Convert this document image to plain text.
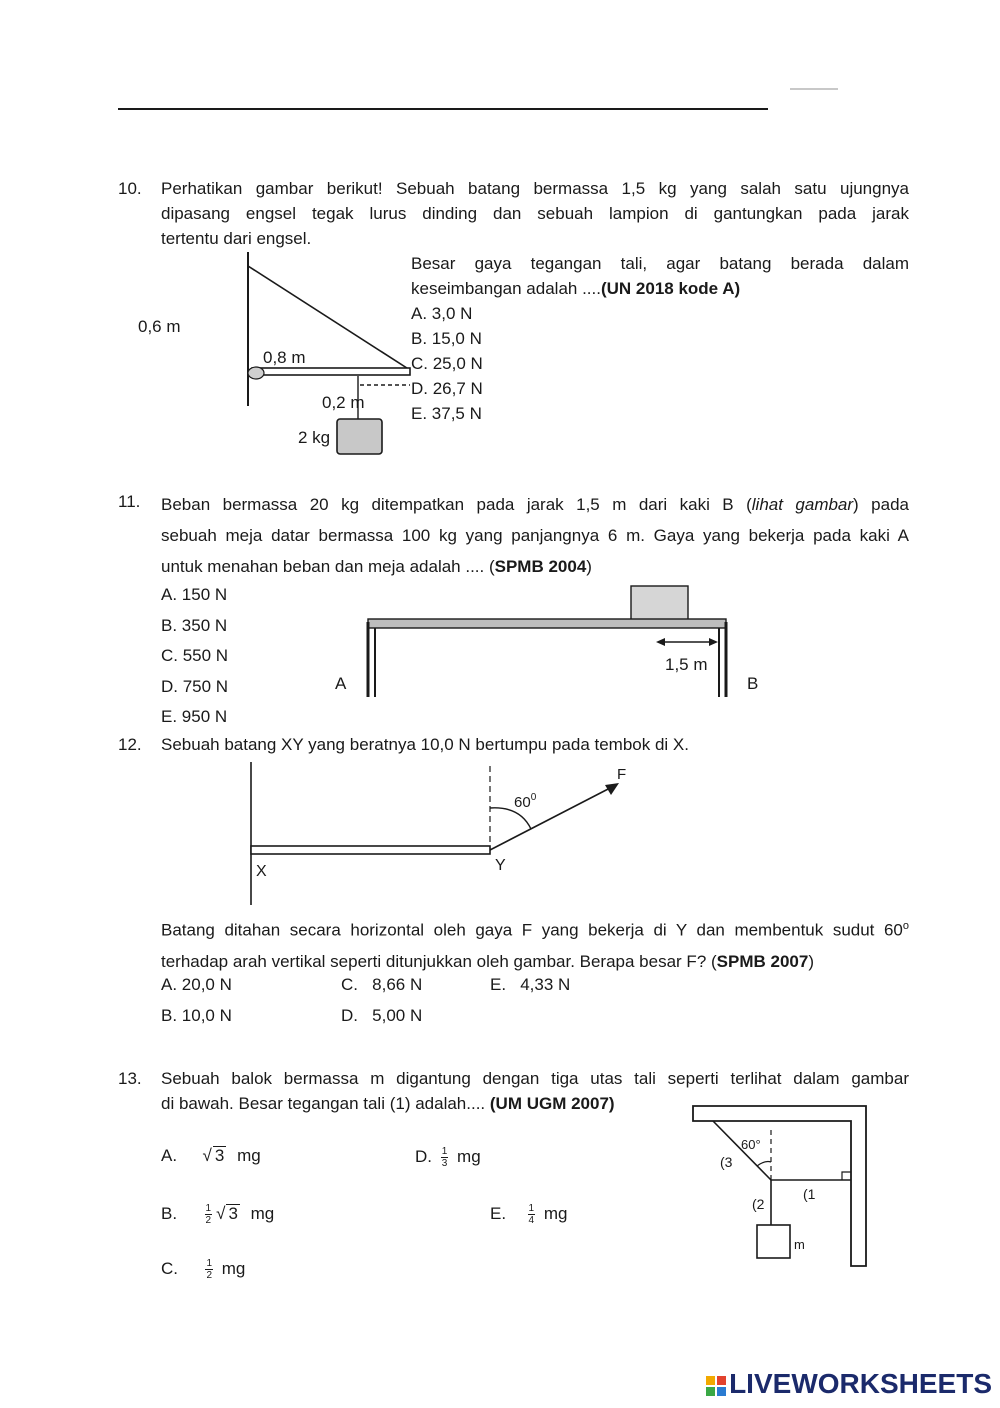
10. Perhatikan gambar berikut! Sebuah batang bermassa 1,5 kg yang salah satu ujungnya
dipasang engsel tegak lurus dinding dan sebuah lampion di gantungkan pada jarak
tertentu dari engsel.
Besar gaya tegangan tali, agar batang berada dalam
keseimbangan adalah ....(UN 2018 kode A)
A. 3,0 N
B. 15,0 N
C. 25,0 N
D. 26,7 N
E. 37,5 N
0,6 m
0,8 m
0,2 m
2 kg
11. Beban bermassa 20 kg ditempatkan pada jarak 1,5 m dari kaki B (lihat gambar) pada
sebuah meja datar bermassa 100 kg yang panjangnya 6 m. Gaya yang bekerja pada kaki A
untuk menahan beban dan meja adalah .... (SPMB 2004)
A. 150 N
B. 350 N
C. 550 N
D. 750 N
E. 950 N
1,5 m
A	B
12. Sebuah batang XY yang beratnya 10,0 N bertumpu pada tembok di X.
F
$60^0$
X	Y
Batang ditahan secara horizontal oleh gaya F yang bekerja di Y dan membentuk sudut 60$^o$
terhadap arah vertikal seperti ditunjukkan oleh gambar. Berapa besar F? (SPMB 2007)
A. 20,0 N
B. 10,0 N
C.   8,66 N
D.   5,00 N
E.   4,33 N
13. Sebuah balok bermassa m digantung dengan tiga utas tali seperti terlihat dalam gambar
di bawah. Besar tegangan tali (1) adalah.... (UM UGM 2007)
A. √ 3 mg
B.	$\frac{1}{2}$ √ 3 mg
C.	$\frac{1}{2}$ mg
D. $\frac{1}{3}$ mg
E. $\frac{1}{4}$ mg
60°
(3
(2
(1
m

LIVEWORKSHEETS
